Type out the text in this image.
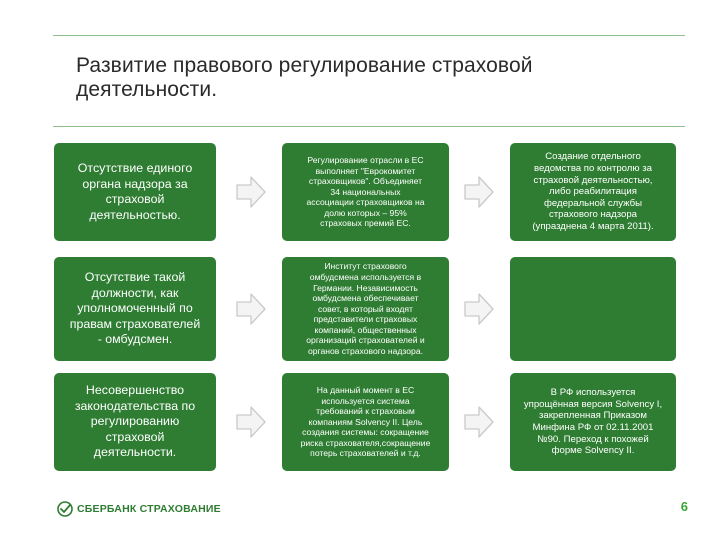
Развитие правового регулирование страховой
деятельности.
Отсутствие единого
органа надзора за
страховой
деятельностью.
Регулирование отрасли в ЕС
выполняет "Еврокомитет
страховщиков". Объединяет
34 национальных
ассоциации страховщиков на
долю которых – 95%
страховых премий ЕС.
Создание отдельного
ведомства по контролю за
страховой деятельностью,
либо реабилитация
федеральной службы
страхового надзора
(упразднена 4 марта 2011).
Отсутствие такой
должности, как
уполномоченный по
правам страхователей
- омбудсмен.
Институт страхового
омбудсмена используется в
Германии. Независимость
омбудсмена обеспечивает
совет, в который входят
представители страховых
компаний, общественных
организаций страхователей и
органов страхового надзора.
Несовершенство
законодательства по
регулированию
страховой
деятельности.
На данный момент в ЕС
используется система
требований к страховым
компаниям Solvency II. Цель
создания системы: сокращение
риска страхователя,сокращение
потерь страхователей и т.д.
В РФ используется
упрощённая версия Solvency I,
закрепленная Приказом
Минфина РФ от 02.11.2001
№90. Переход к похожей
форме Solvency II.
СБЕРБАНК СТРАХОВАНИЕ	6
